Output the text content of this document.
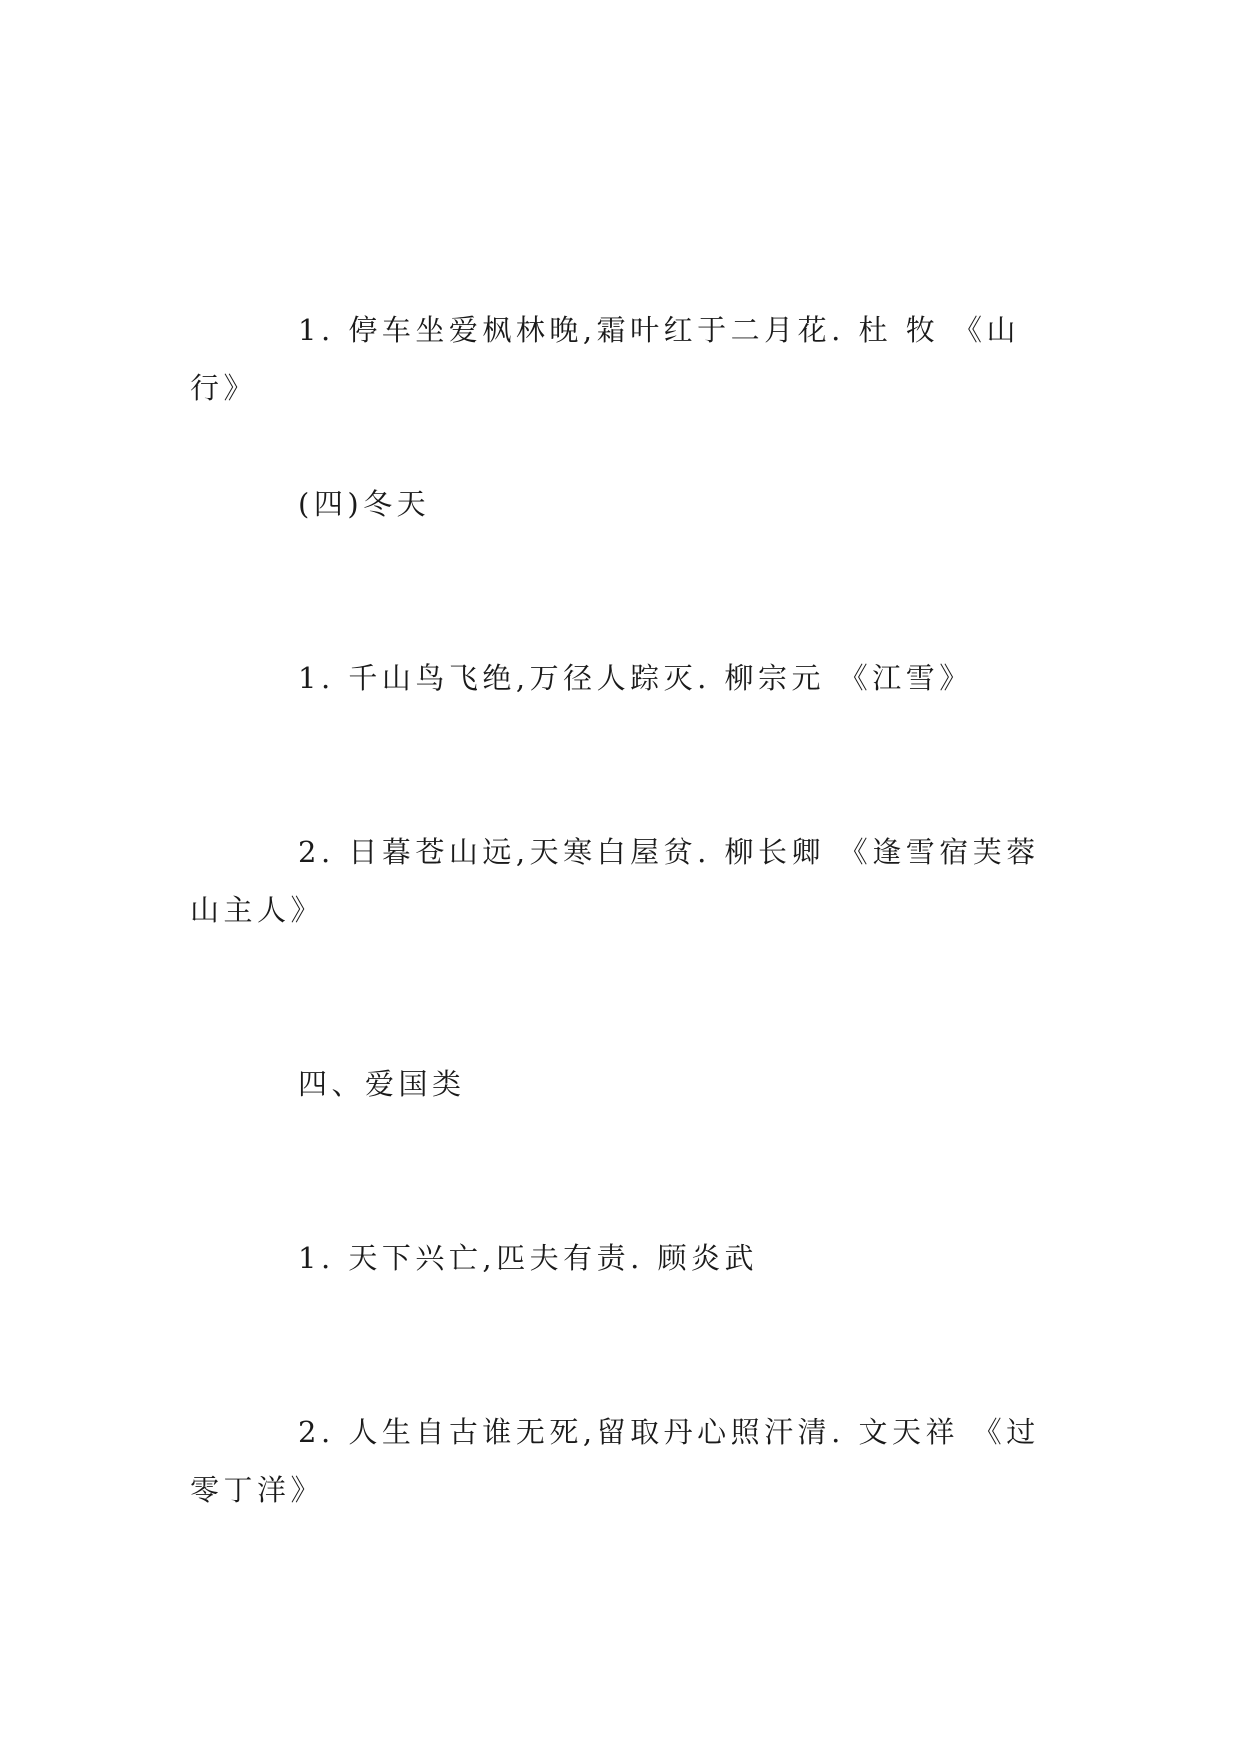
1. 停车坐爱枫林晚,霜叶红于二月花. 杜 牧 《山行》

(四)冬天

1. 千山鸟飞绝,万径人踪灭. 柳宗元 《江雪》

2. 日暮苍山远,天寒白屋贫. 柳长卿 《逢雪宿芙蓉山主人》

四、爱国类

1. 天下兴亡,匹夫有责. 顾炎武

2. 人生自古谁无死,留取丹心照汗清. 文天祥 《过零丁洋》
